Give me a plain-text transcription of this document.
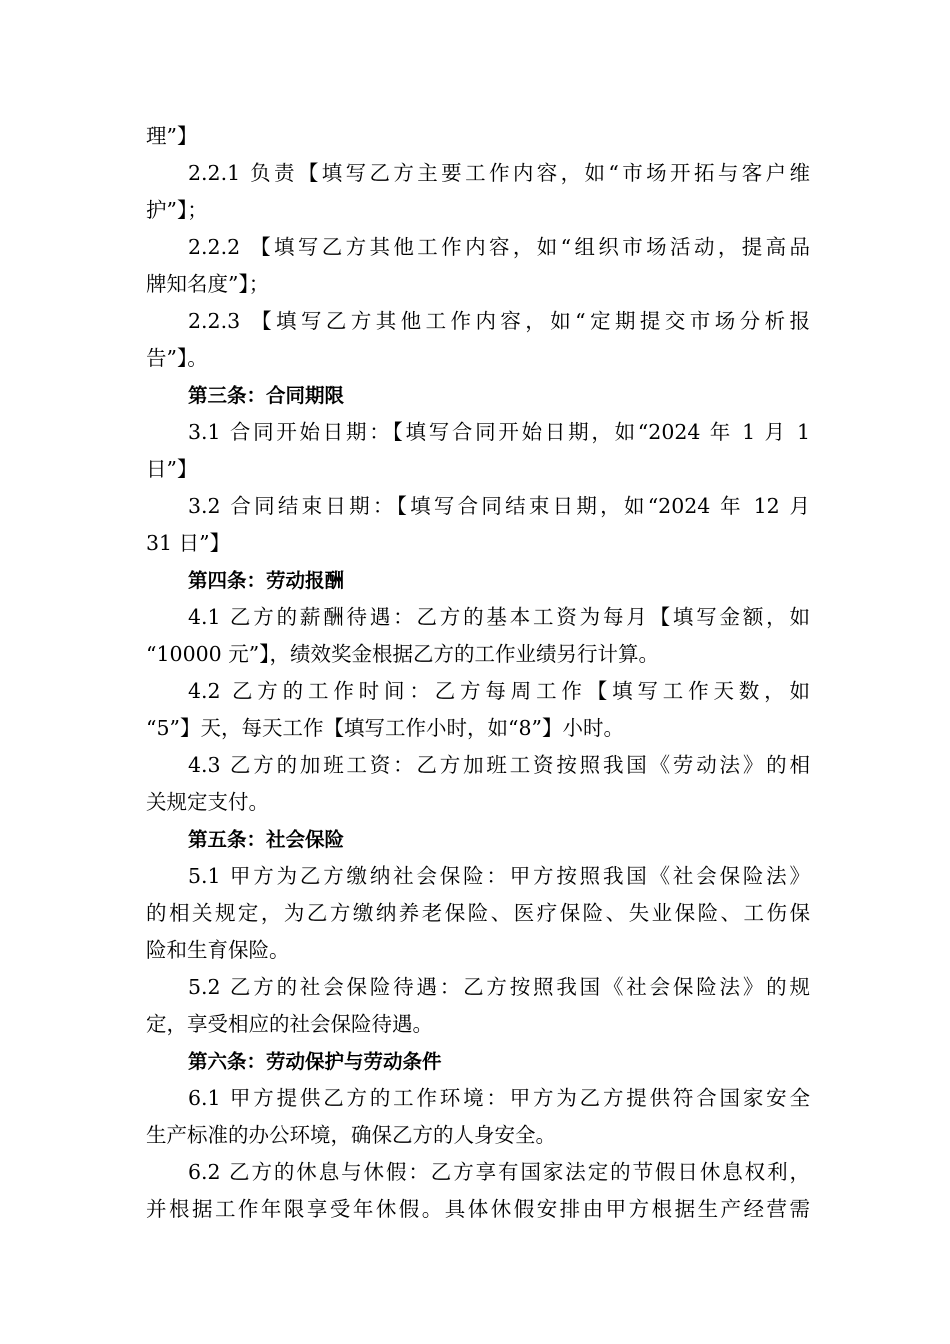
理”】
2.2.1 负责【填写乙方主要工作内容，如“市场开拓与客户维
护”】；
2.2.2 【填写乙方其他工作内容，如“组织市场活动，提高品
牌知名度”】；
2.2.3 【填写乙方其他工作内容，如“定期提交市场分析报
告”】。
第三条：合同期限
3.1 合同开始日期：【填写合同开始日期，如“2024 年 1 月 1
日”】
3.2 合同结束日期：【填写合同结束日期，如“2024 年 12 月
31 日”】
第四条：劳动报酬
4.1 乙方的薪酬待遇：乙方的基本工资为每月【填写金额，如
“10000 元”】，绩效奖金根据乙方的工作业绩另行计算。
4.2 乙方的工作时间：乙方每周工作【填写工作天数，如
“5”】天，每天工作【填写工作小时，如“8”】小时。
4.3 乙方的加班工资：乙方加班工资按照我国《劳动法》的相
关规定支付。
第五条：社会保险
5.1 甲方为乙方缴纳社会保险：甲方按照我国《社会保险法》
的相关规定，为乙方缴纳养老保险、医疗保险、失业保险、工伤保
险和生育保险。
5.2 乙方的社会保险待遇：乙方按照我国《社会保险法》的规
定，享受相应的社会保险待遇。
第六条：劳动保护与劳动条件
6.1 甲方提供乙方的工作环境：甲方为乙方提供符合国家安全
生产标准的办公环境，确保乙方的人身安全。
6.2 乙方的休息与休假：乙方享有国家法定的节假日休息权利，
并根据工作年限享受年休假。具体休假安排由甲方根据生产经营需
